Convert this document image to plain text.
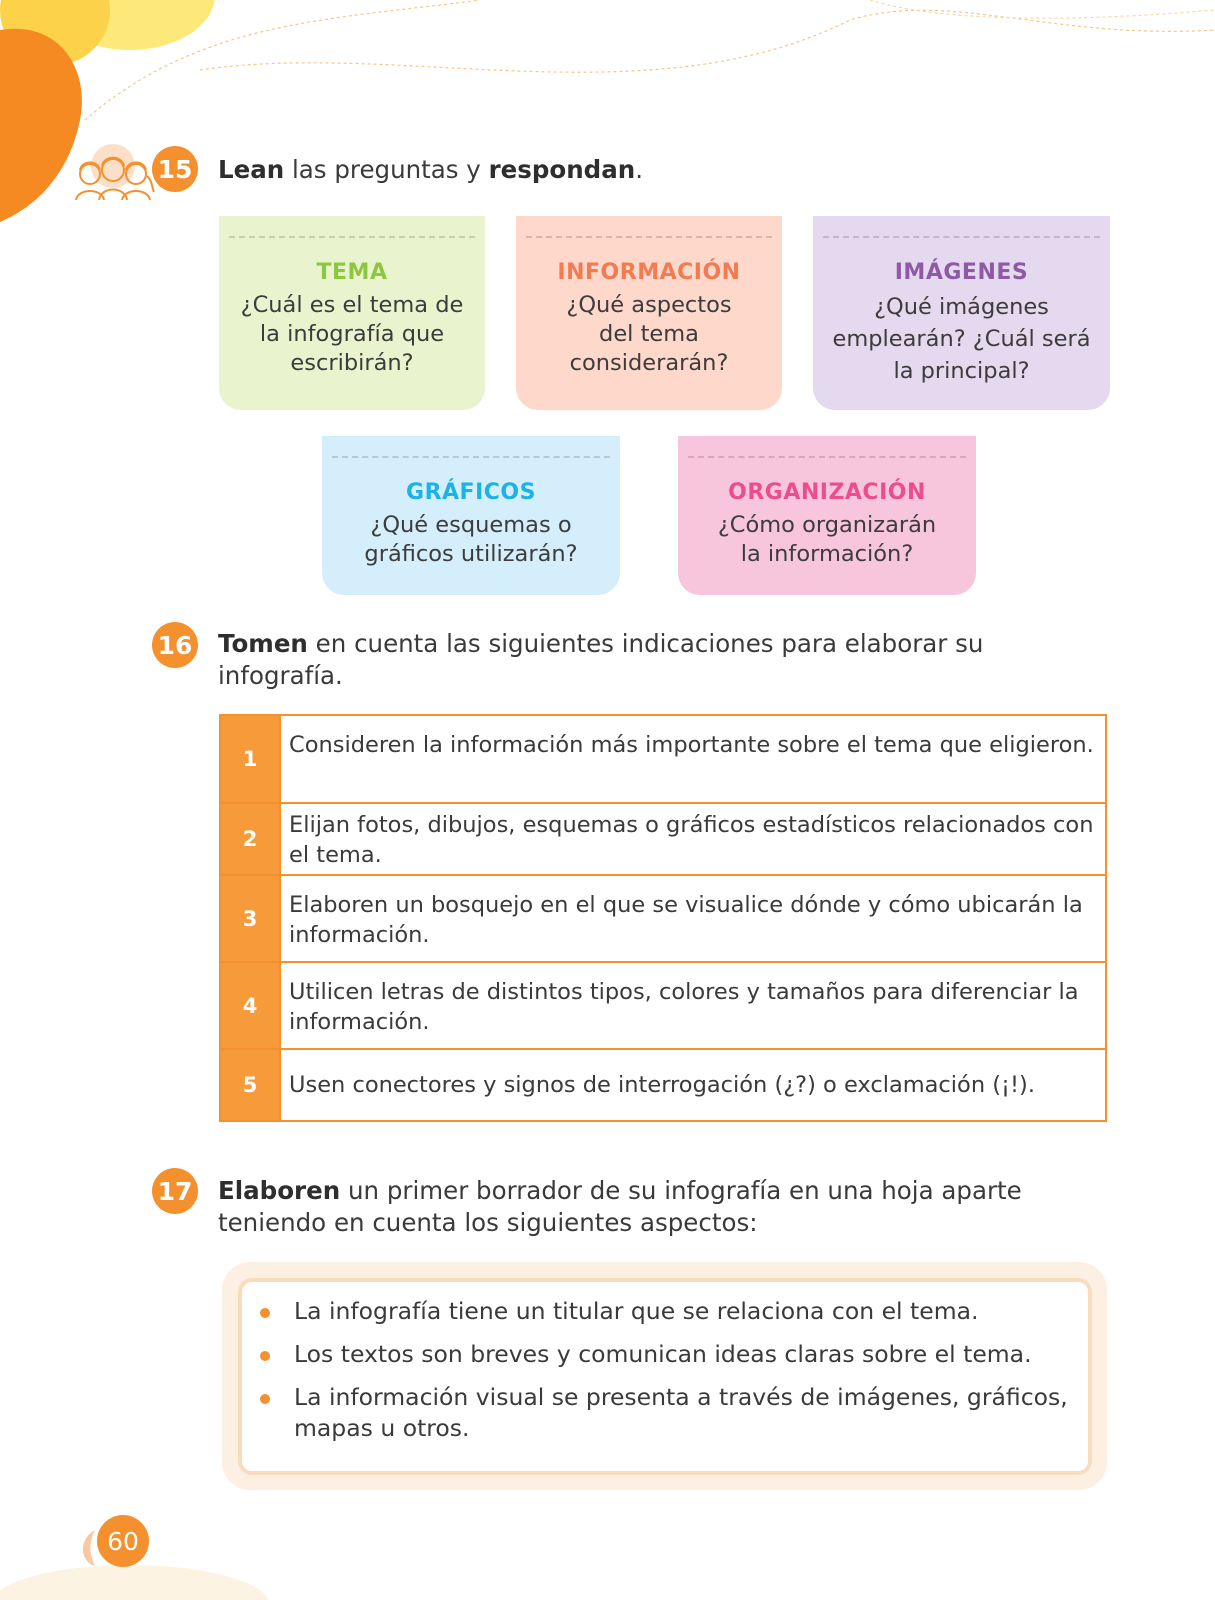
15 Lean las preguntas y respondan.
TEMA
¿Cuál es el tema de la infografía que escribirán?
INFORMACIÓN
¿Qué aspectos del tema considerarán?
IMÁGENES
¿Qué imágenes emplearán? ¿Cuál será la principal?
GRÁFICOS
¿Qué esquemas o gráficos utilizarán?
ORGANIZACIÓN
¿Cómo organizarán la información?
16 Tomen en cuenta las siguientes indicaciones para elaborar su infografía.
1
Consideren la información más importante sobre el tema que eligieron.
2
Elijan fotos, dibujos, esquemas o gráficos estadísticos relacionados con el tema.
3
Elaboren un bosquejo en el que se visualice dónde y cómo ubicarán la información.
4
Utilicen letras de distintos tipos, colores y tamaños para diferenciar la información.
5	Usen conectores y signos de interrogación (¿?) o exclamación (¡!).
17 Elaboren un primer borrador de su infografía en una hoja aparte teniendo en cuenta los siguientes aspectos:
La infografía tiene un titular que se relaciona con el tema.
Los textos son breves y comunican ideas claras sobre el tema.
La información visual se presenta a través de imágenes, gráficos, mapas u otros.
60
